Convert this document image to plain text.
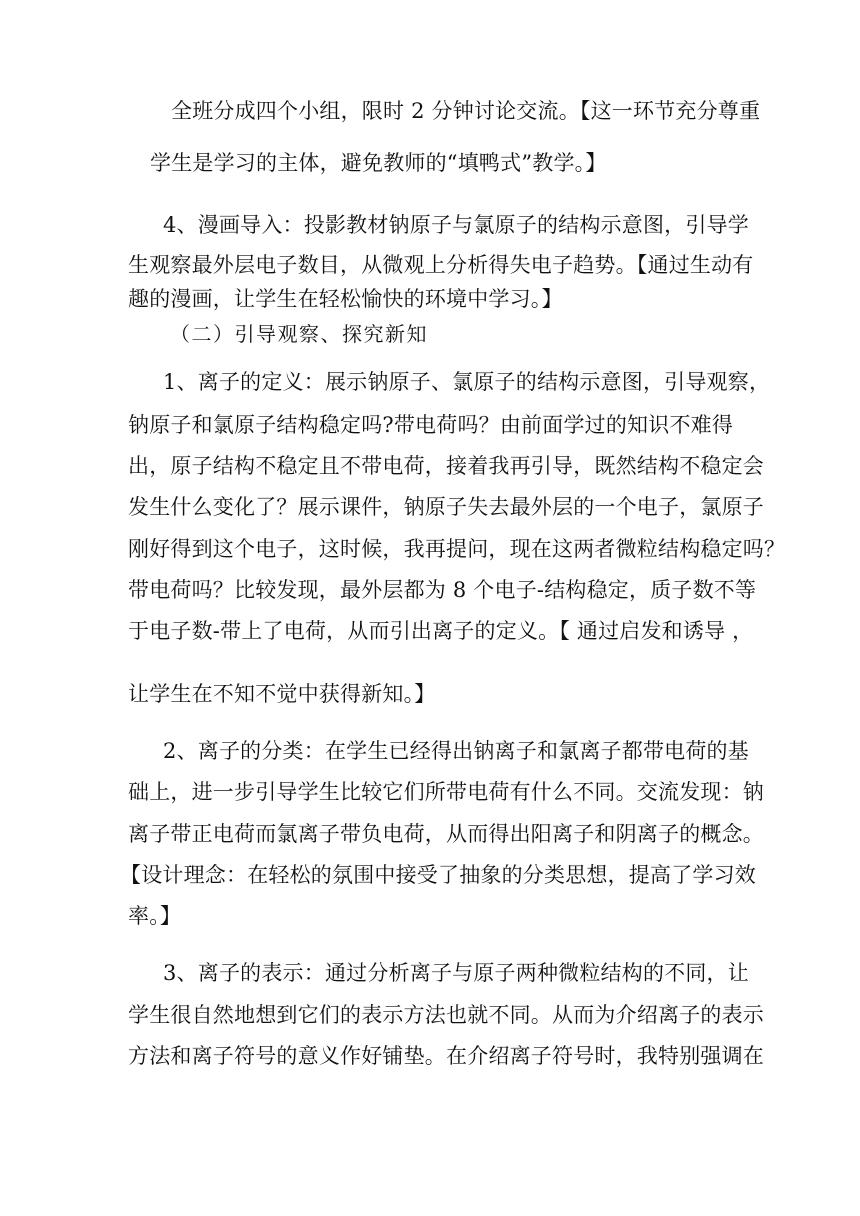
全班分成四个小组，限时 2 分钟讨论交流。【这一环节充分尊重
学生是学习的主体，避免教师的“填鸭式”教学。】
4、漫画导入：投影教材钠原子与氯原子的结构示意图，引导学
生观察最外层电子数目，从微观上分析得失电子趋势。【通过生动有
趣的漫画，让学生在轻松愉快的环境中学习。】
（二）引导观察、探究新知
1、离子的定义：展示钠原子、氯原子的结构示意图，引导观察，
钠原子和氯原子结构稳定吗?带电荷吗？由前面学过的知识不难得
出，原子结构不稳定且不带电荷，接着我再引导，既然结构不稳定会
发生什么变化了？展示课件，钠原子失去最外层的一个电子，氯原子
刚好得到这个电子，这时候，我再提问，现在这两者微粒结构稳定吗？
带电荷吗？比较发现，最外层都为 8 个电子-结构稳定，质子数不等
于电子数-带上了电荷，从而引出离子的定义。【 通过启发和诱导 ，
让学生在不知不觉中获得新知。】
2、离子的分类：在学生已经得出钠离子和氯离子都带电荷的基
础上，进一步引导学生比较它们所带电荷有什么不同。交流发现：钠
离子带正电荷而氯离子带负电荷，从而得出阳离子和阴离子的概念。
【设计理念：在轻松的氛围中接受了抽象的分类思想，提高了学习效
率。】
3、离子的表示：通过分析离子与原子两种微粒结构的不同，让
学生很自然地想到它们的表示方法也就不同。从而为介绍离子的表示
方法和离子符号的意义作好铺垫。在介绍离子符号时，我特别强调在
